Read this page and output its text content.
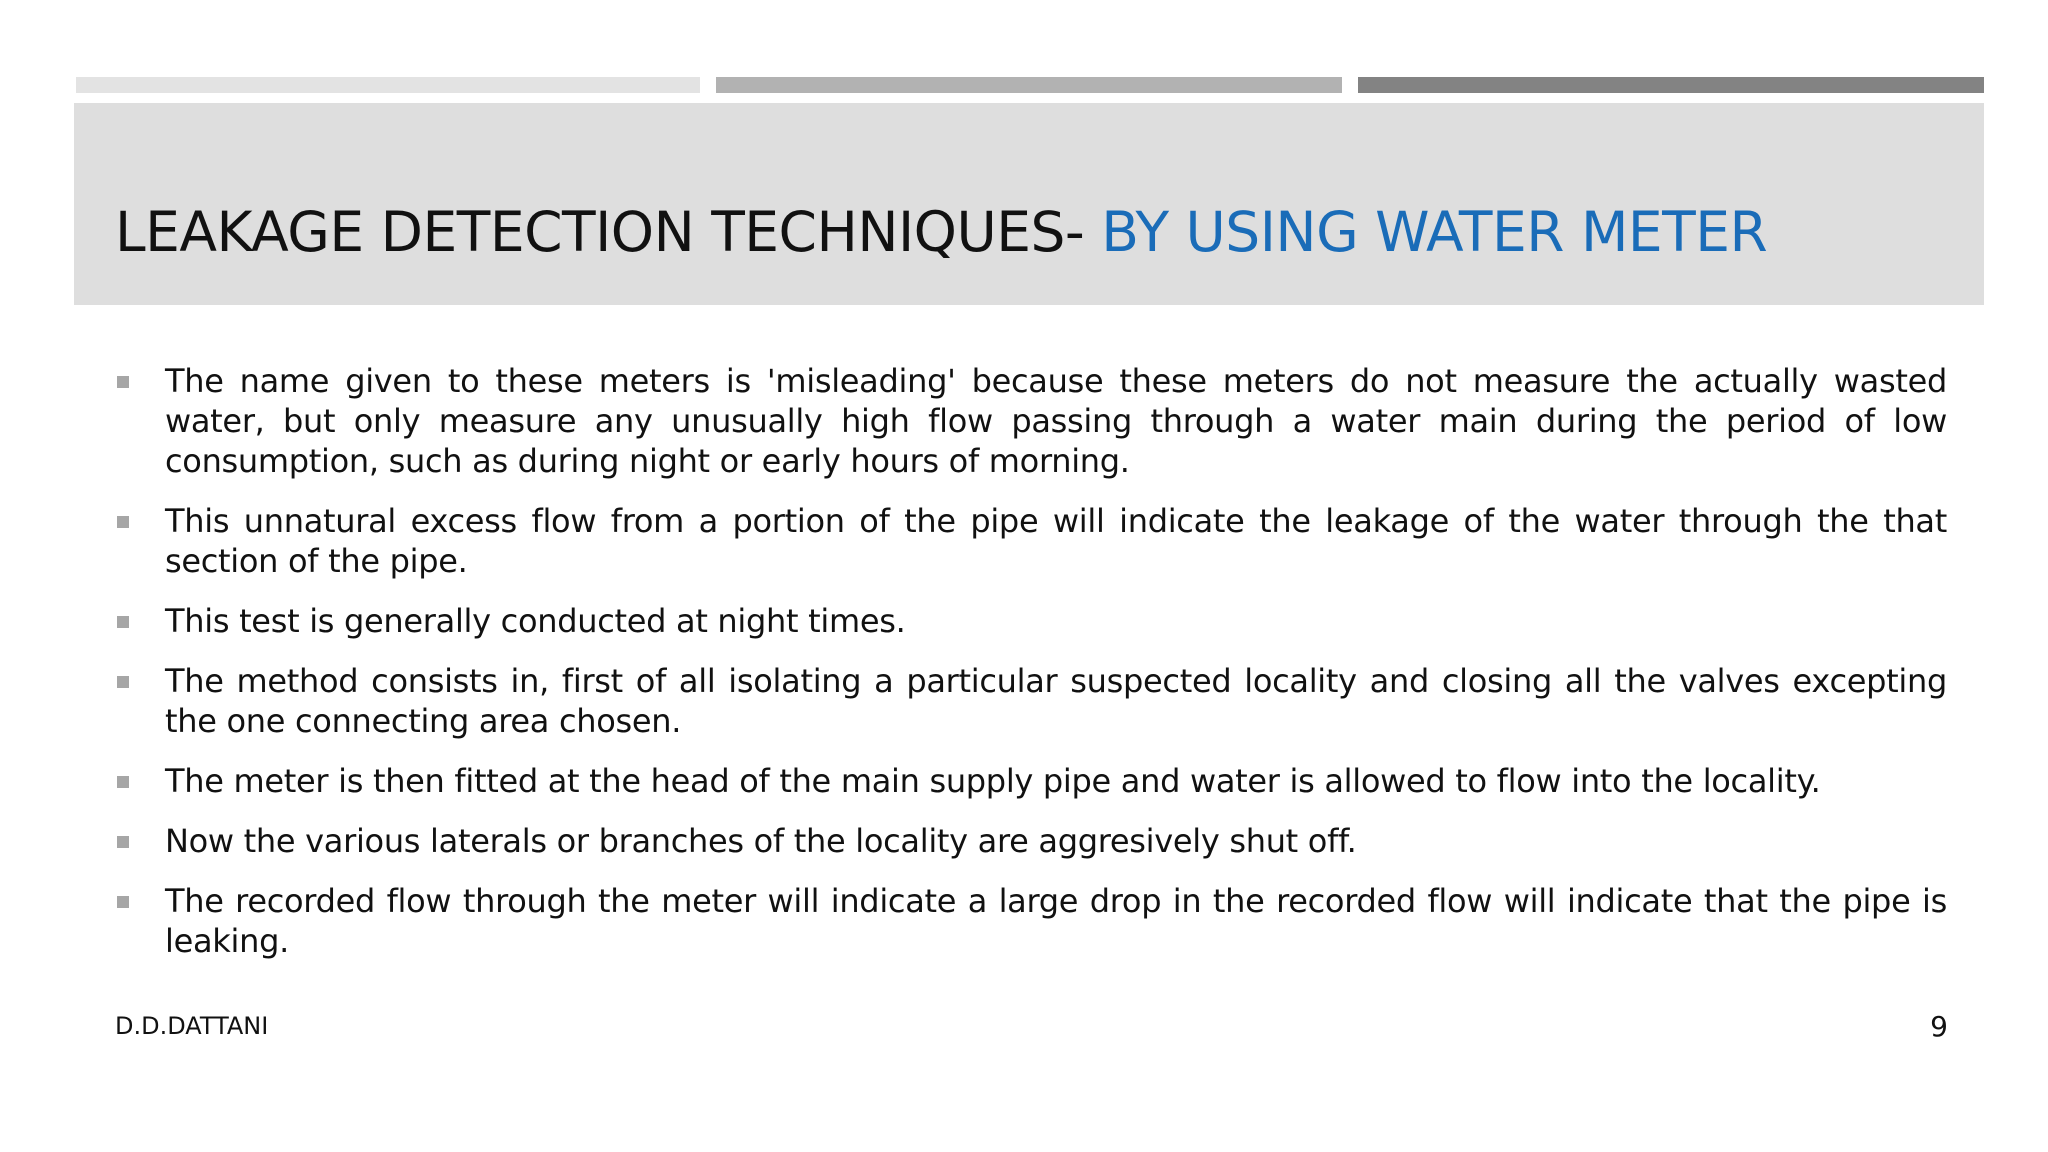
LEAKAGE DETECTION TECHNIQUES- BY USING WATER METER
The name given to these meters is 'misleading' because these meters do not measure the actually wasted water, but only measure any unusually high flow passing through a water main during the period of low consumption, such as during night or early hours of morning.
This unnatural excess flow from a portion of the pipe will indicate the leakage of the water through the that section of the pipe.
This test is generally conducted at night times.
The method consists in, first of all isolating a particular suspected locality and closing all the valves excepting the one connecting area chosen.
The meter is then fitted at the head of the main supply pipe and water is allowed to flow into the locality.
Now the various laterals or branches of the locality are aggresively shut off.
The recorded flow through the meter will indicate a large drop in the recorded flow will indicate that the pipe is leaking.
D.D.DATTANI	9
